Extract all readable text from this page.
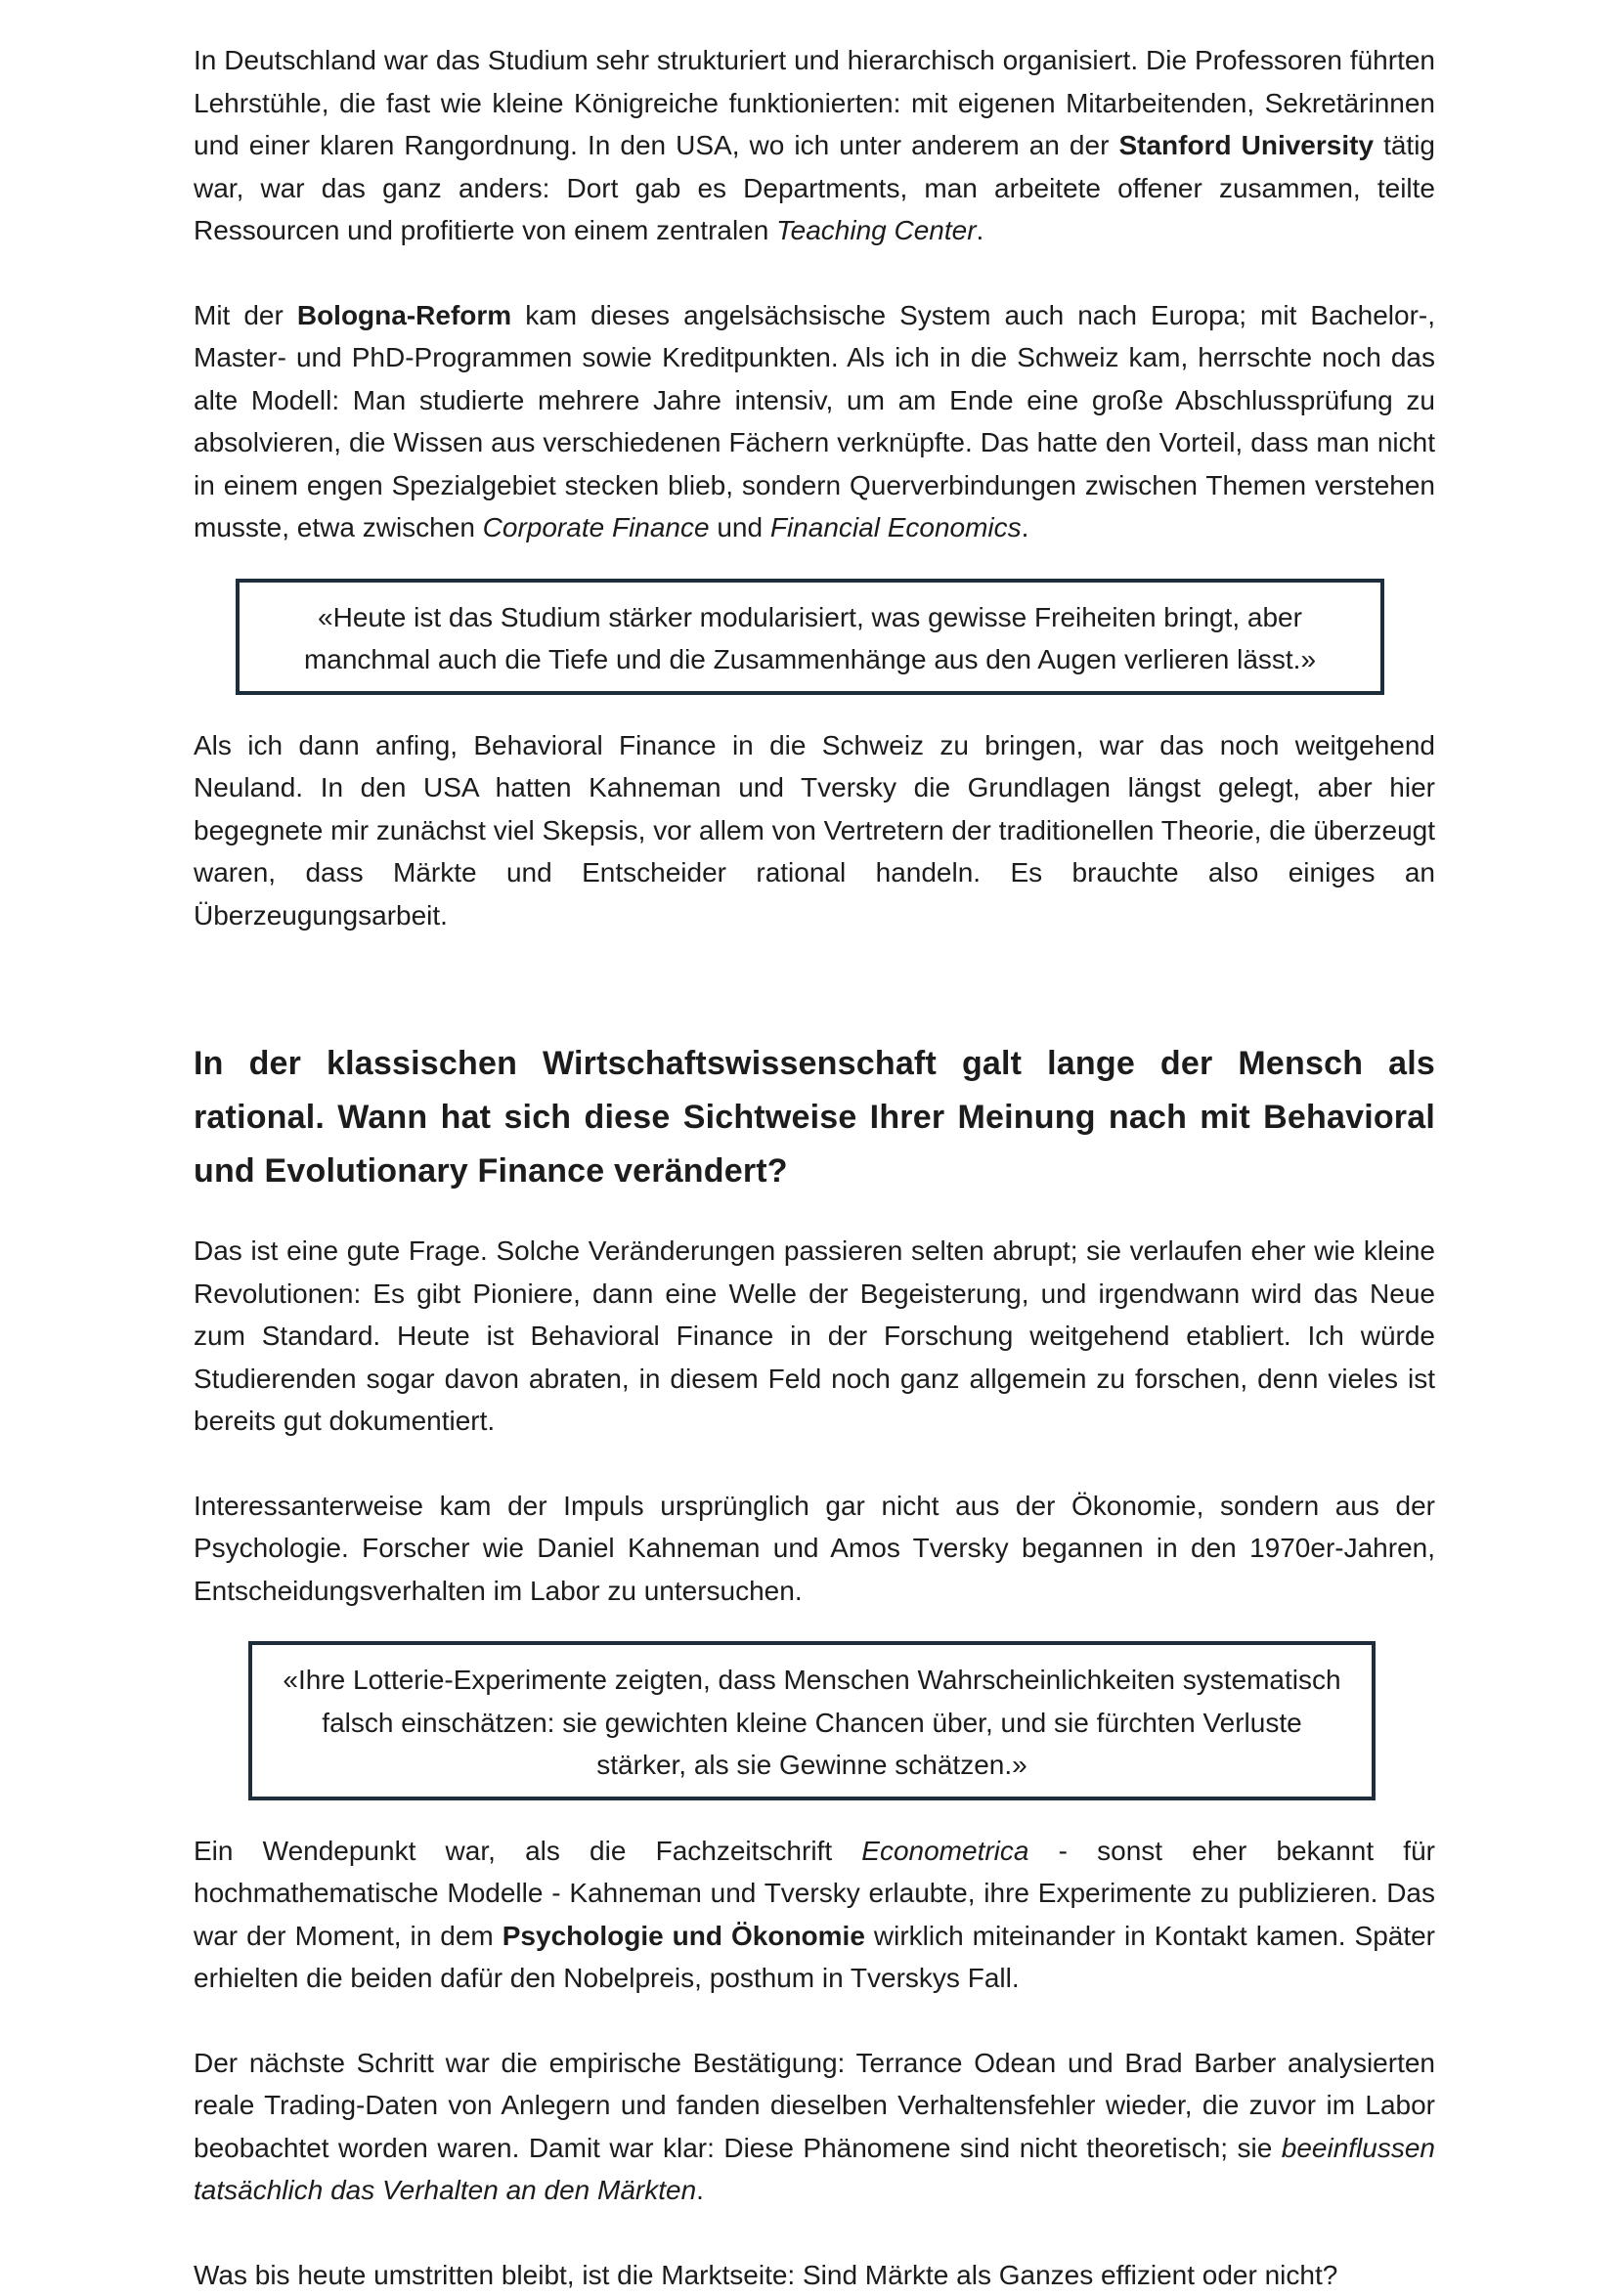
In Deutschland war das Studium sehr strukturiert und hierarchisch organisiert. Die Professoren führten Lehrstühle, die fast wie kleine Königreiche funktionierten: mit eigenen Mitarbeitenden, Sekretärinnen und einer klaren Rangordnung. In den USA, wo ich unter anderem an der Stanford University tätig war, war das ganz anders: Dort gab es Departments, man arbeitete offener zusammen, teilte Ressourcen und profitierte von einem zentralen Teaching Center.

Mit der Bologna-Reform kam dieses angelsächsische System auch nach Europa; mit Bachelor-, Master- und PhD-Programmen sowie Kreditpunkten. Als ich in die Schweiz kam, herrschte noch das alte Modell: Man studierte mehrere Jahre intensiv, um am Ende eine große Abschlussprüfung zu absolvieren, die Wissen aus verschiedenen Fächern verknüpfte. Das hatte den Vorteil, dass man nicht in einem engen Spezialgebiet stecken blieb, sondern Querverbindungen zwischen Themen verstehen musste, etwa zwischen Corporate Finance und Financial Economics.

«Heute ist das Studium stärker modularisiert, was gewisse Freiheiten bringt, aber manchmal auch die Tiefe und die Zusammenhänge aus den Augen verlieren lässt.»

Als ich dann anfing, Behavioral Finance in die Schweiz zu bringen, war das noch weitgehend Neuland. In den USA hatten Kahneman und Tversky die Grundlagen längst gelegt, aber hier begegnete mir zunächst viel Skepsis, vor allem von Vertretern der traditionellen Theorie, die überzeugt waren, dass Märkte und Entscheider rational handeln. Es brauchte also einiges an Überzeugungsarbeit.

In der klassischen Wirtschaftswissenschaft galt lange der Mensch als rational. Wann hat sich diese Sichtweise Ihrer Meinung nach mit Behavioral und Evolutionary Finance verändert?

Das ist eine gute Frage. Solche Veränderungen passieren selten abrupt; sie verlaufen eher wie kleine Revolutionen: Es gibt Pioniere, dann eine Welle der Begeisterung, und irgendwann wird das Neue zum Standard. Heute ist Behavioral Finance in der Forschung weitgehend etabliert. Ich würde Studierenden sogar davon abraten, in diesem Feld noch ganz allgemein zu forschen, denn vieles ist bereits gut dokumentiert.

Interessanterweise kam der Impuls ursprünglich gar nicht aus der Ökonomie, sondern aus der Psychologie. Forscher wie Daniel Kahneman und Amos Tversky begannen in den 1970er-Jahren, Entscheidungsverhalten im Labor zu untersuchen.

«Ihre Lotterie-Experimente zeigten, dass Menschen Wahrscheinlichkeiten systematisch falsch einschätzen: sie gewichten kleine Chancen über, und sie fürchten Verluste stärker, als sie Gewinne schätzen.»

Ein Wendepunkt war, als die Fachzeitschrift Econometrica - sonst eher bekannt für hochmathematische Modelle - Kahneman und Tversky erlaubte, ihre Experimente zu publizieren. Das war der Moment, in dem Psychologie und Ökonomie wirklich miteinander in Kontakt kamen. Später erhielten die beiden dafür den Nobelpreis, posthum in Tverskys Fall.

Der nächste Schritt war die empirische Bestätigung: Terrance Odean und Brad Barber analysierten reale Trading-Daten von Anlegern und fanden dieselben Verhaltensfehler wieder, die zuvor im Labor beobachtet worden waren. Damit war klar: Diese Phänomene sind nicht theoretisch; sie beeinflussen tatsächlich das Verhalten an den Märkten.

Was bis heute umstritten bleibt, ist die Marktseite: Sind Märkte als Ganzes effizient oder nicht?
